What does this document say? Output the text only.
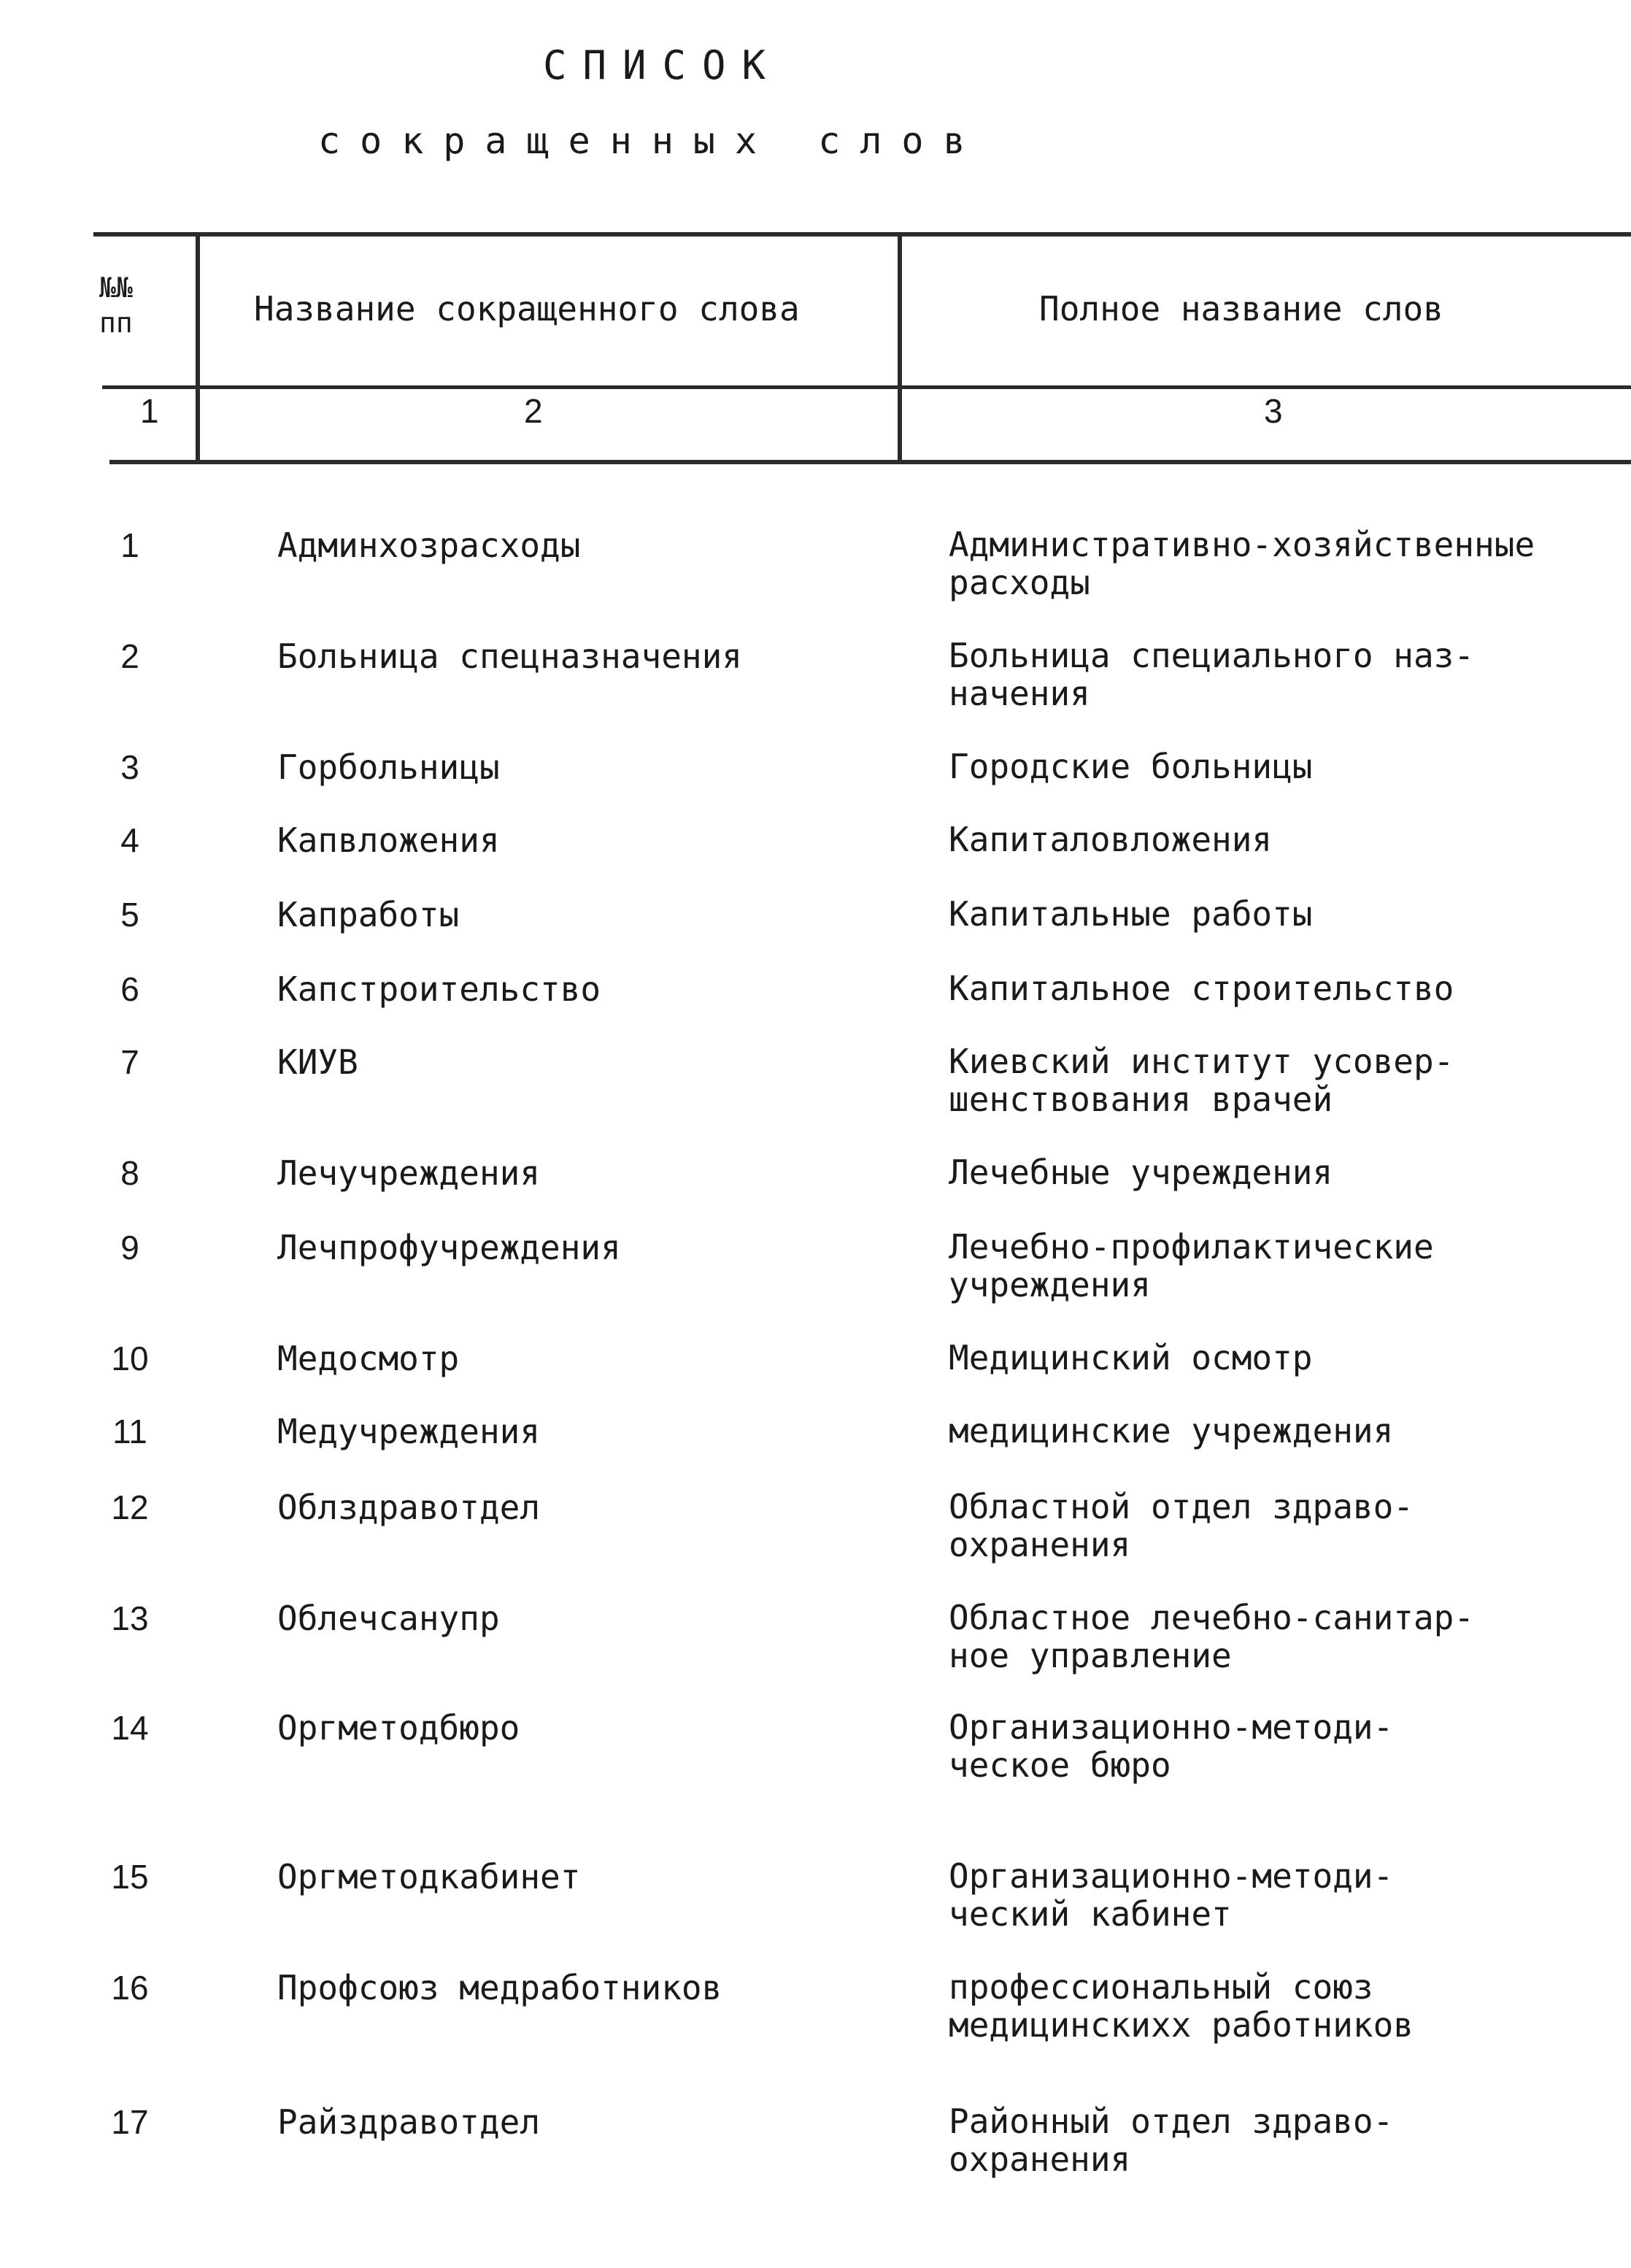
СПИСОК
сокращенных слов
№№
пп	Название сокращенного слова	Полное название слов
1	2	3
1	Админхозрасходы	Административно-хозяйственные
расходы
2	Больница спецназначения	Больница специального наз-
начения
3	Горбольницы	Городские больницы
4	Капвложения	Капиталовложения
5	Капработы	Капитальные работы
6	Капстроительство	Капитальное строительство
7	КИУВ	Киевский институт усовер-
шенствования врачей
8	Лечучреждения	Лечебные учреждения
9	Лечпрофучреждения	Лечебно-профилактические
учреждения
10	Медосмотр	Медицинский осмотр
11	Медучреждения	медицинские учреждения
12	Облздравотдел	Областной отдел здраво-
охранения
13	Облечсанупр	Областное лечебно-санитар-
ное управление
14	Оргметодбюро	Организационно-методи-
ческое бюро
15	Оргметодкабинет	Организационно-методи-
ческий кабинет
16	Профсоюз медработников	профессиональный союз
медицинскихх работников
17	Райздравотдел	Районный отдел здраво-
охранения
